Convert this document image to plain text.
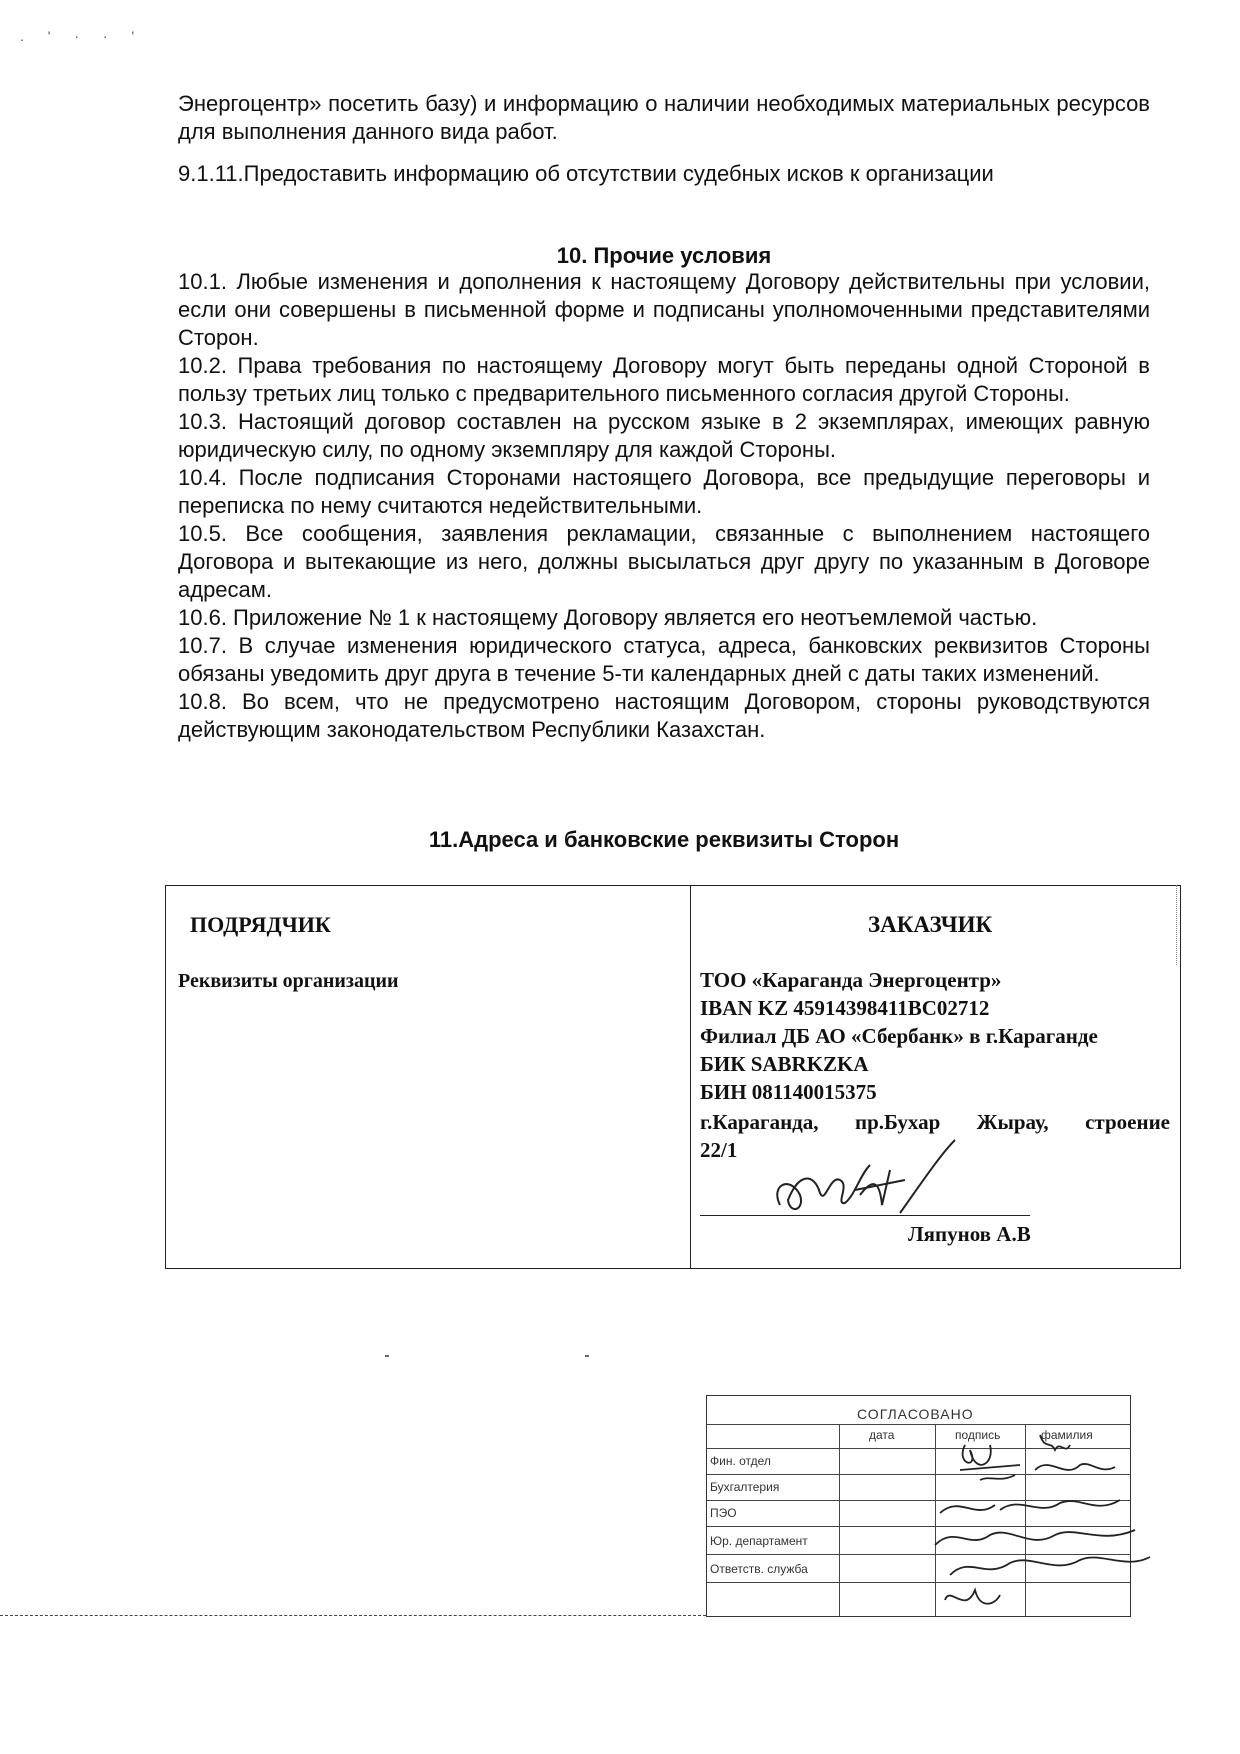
. ' · · '

Энергоцентр» посетить базу) и информацию о наличии необходимых материальных ресурсов для выполнения данного вида работ.

9.1.11.Предоставить информацию об отсутствии судебных исков к организации

10. Прочие условия

10.1. Любые изменения и дополнения к настоящему Договору действительны при условии, если они совершены в письменной форме и подписаны уполномоченными представителями Сторон.

10.2. Права требования по настоящему Договору могут быть переданы одной Стороной в пользу третьих лиц только с предварительного письменного согласия другой Стороны.

10.3. Настоящий договор составлен на русском языке в 2 экземплярах, имеющих равную юридическую силу, по одному экземпляру для каждой Стороны.

10.4. После подписания Сторонами настоящего Договора, все предыдущие переговоры и переписка по нему считаются недействительными.

10.5. Все сообщения, заявления рекламации, связанные с выполнением настоящего Договора и вытекающие из него, должны высылаться друг другу по указанным в Договоре адресам.

10.6. Приложение № 1 к настоящему Договору является его неотъемлемой частью.

10.7. В случае изменения юридического статуса, адреса, банковских реквизитов Стороны обязаны уведомить друг друга в течение 5-ти календарных дней с даты таких изменений.

10.8. Во всем, что не предусмотрено настоящим Договором, стороны руководствуются действующим законодательством Республики Казахстан.

11.Адреса и банковские реквизиты Сторон
ПОДРЯДЧИК
Реквизиты организации
ЗАКАЗЧИК
ТОО «Караганда Энергоцентр»
IBAN KZ 45914398411BC02712
Филиал ДБ АО «Сбербанк» в г.Караганде
БИК SABRKZKA
БИН 081140015375
г.Караганда, пр.Бухар Жырау, строение
22/1
Ляпунов А.В
СОГЛАСОВАНО
дата	подпись	фамилия
Фин. отдел
Бухгалтерия
ПЭО
Юр. департамент
Ответств. служба
